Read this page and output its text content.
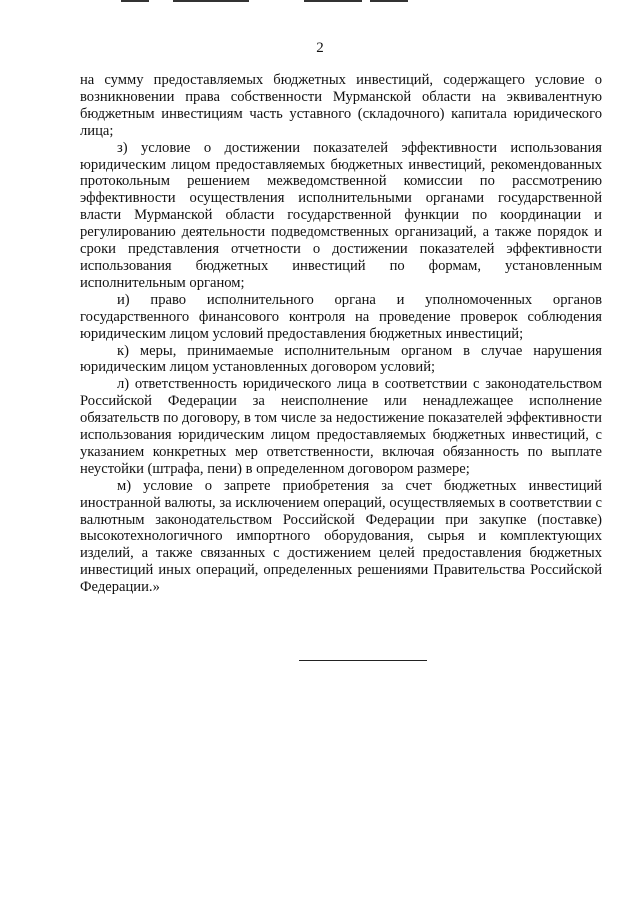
2

на сумму предоставляемых бюджетных инвестиций, содержащего условие о возникновении права собственности Мурманской области на эквивалентную бюджетным инвестициям часть уставного (складочного) капитала юридического лица;

з) условие о достижении показателей эффективности использования юридическим лицом предоставляемых бюджетных инвестиций, рекомендованных протокольным решением межведомственной комиссии по рассмотрению эффективности осуществления исполнительными органами государственной власти Мурманской области государственной функции по координации и регулированию деятельности подведомственных организаций, а также порядок и сроки представления отчетности о достижении показателей эффективности использования бюджетных инвестиций по формам, установленным исполнительным органом;

и) право исполнительного органа и уполномоченных органов государственного финансового контроля на проведение проверок соблюдения юридическим лицом условий предоставления бюджетных инвестиций;

к) меры, принимаемые исполнительным органом в случае нарушения юридическим лицом установленных договором условий;

л) ответственность юридического лица в соответствии с законодательством Российской Федерации за неисполнение или ненадлежащее исполнение обязательств по договору, в том числе за недостижение показателей эффективности использования юридическим лицом предоставляемых бюджетных инвестиций, с указанием конкретных мер ответственности, включая обязанность по выплате неустойки (штрафа, пени) в определенном договором размере;

м) условие о запрете приобретения за счет бюджетных инвестиций иностранной валюты, за исключением операций, осуществляемых в соответствии с валютным законодательством Российской Федерации при закупке (поставке) высокотехнологичного импортного оборудования, сырья и комплектующих изделий, а также связанных с достижением целей предоставления бюджетных инвестиций иных операций, определенных решениями Правительства Российской Федерации.»
